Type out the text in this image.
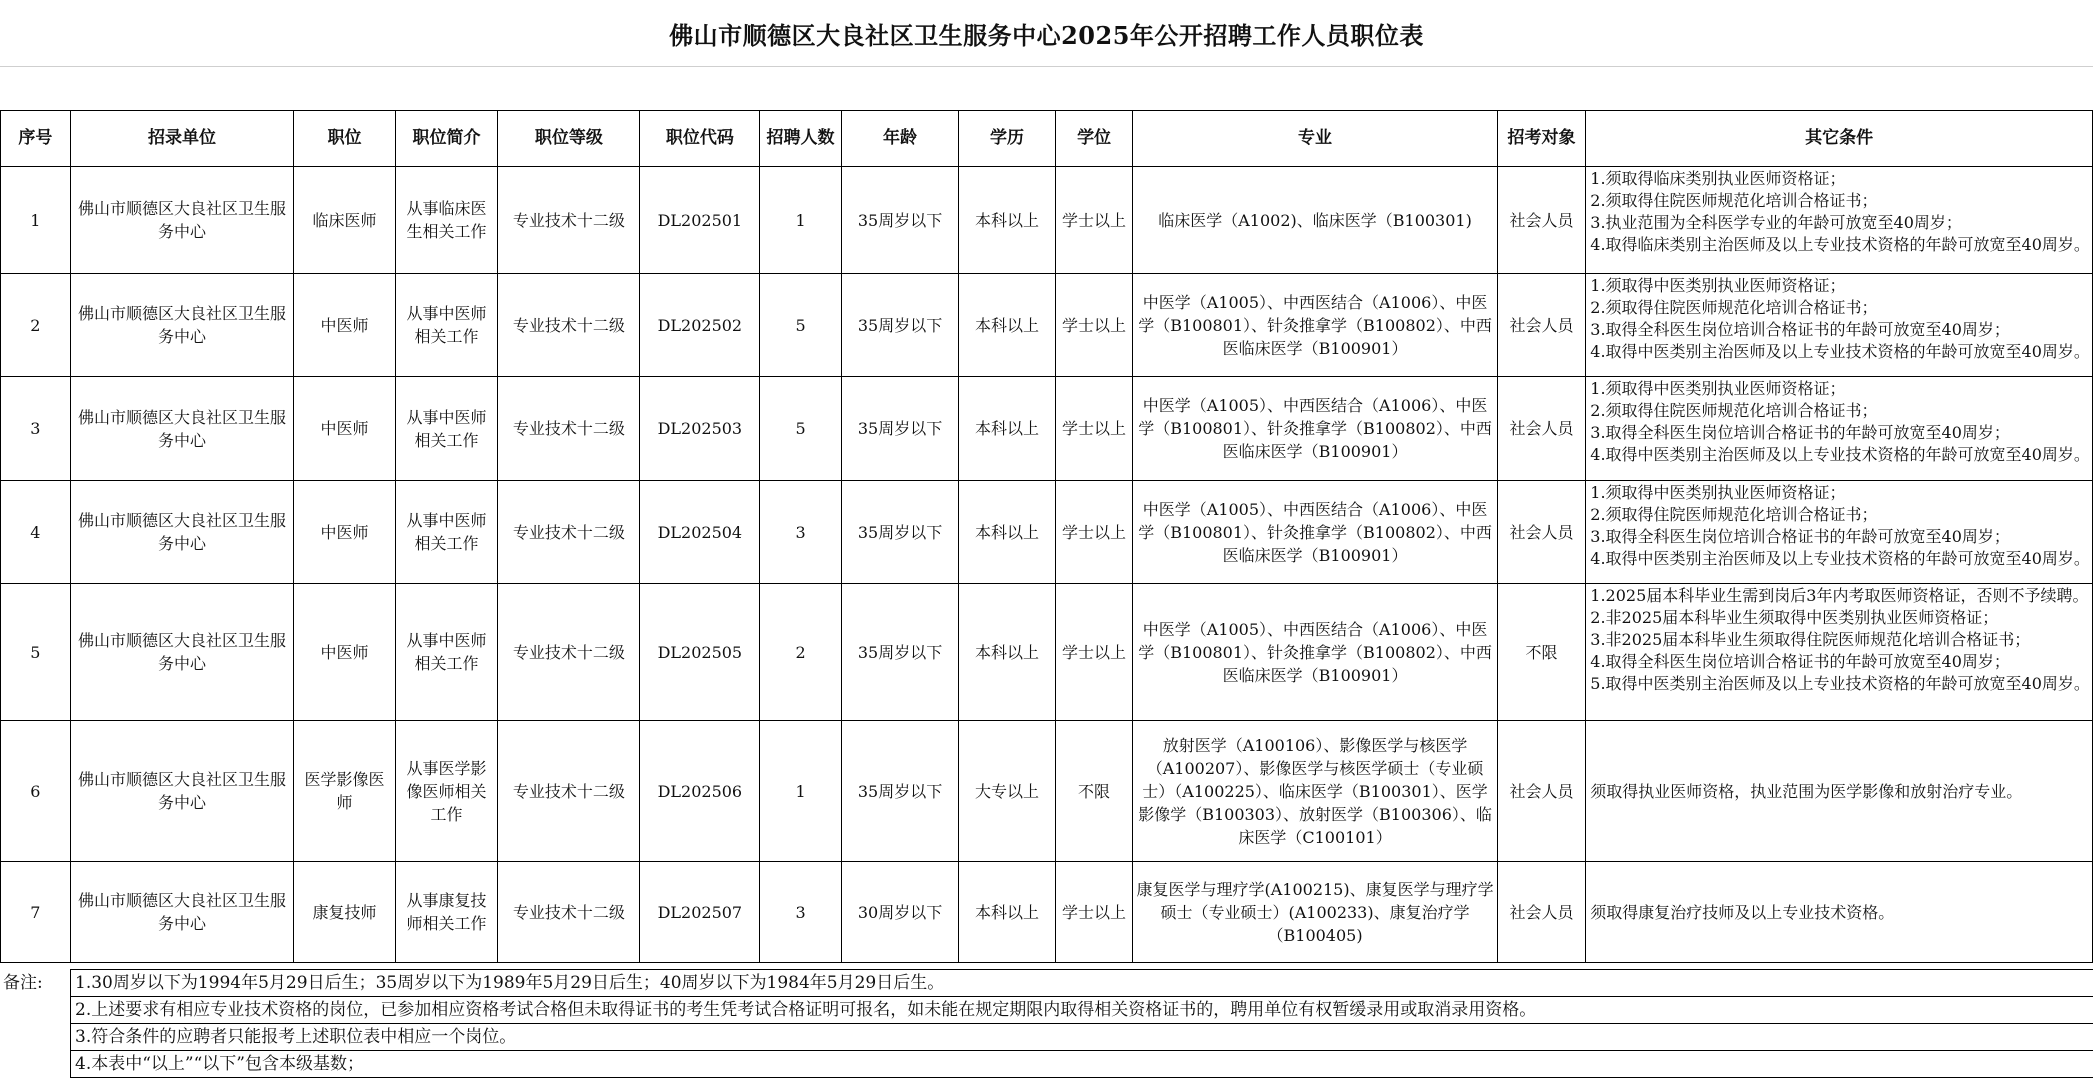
佛山市顺德区大良社区卫生服务中心2025年公开招聘工作人员职位表
序号	招录单位	职位	职位简介	职位等级	职位代码	招聘人数	年龄	学历	学位	专业	招考对象	其它条件
1	佛山市顺德区大良社区卫生服务中心	临床医师	从事临床医生相关工作	专业技术十二级	DL202501	1	35周岁以下	本科以上	学士以上	临床医学（A1002)、临床医学（B100301)	社会人员	1.须取得临床类别执业医师资格证；
2.须取得住院医师规范化培训合格证书；
3.执业范围为全科医学专业的年龄可放宽至40周岁；
4.取得临床类别主治医师及以上专业技术资格的年龄可放宽至40周岁。

2	佛山市顺德区大良社区卫生服务中心	中医师	从事中医师相关工作	专业技术十二级	DL202502	5	35周岁以下	本科以上	学士以上	中医学（A1005）、中西医结合（A1006）、中医学（B100801）、针灸推拿学（B100802）、中西医临床医学（B100901）	社会人员	1.须取得中医类别执业医师资格证；
2.须取得住院医师规范化培训合格证书；
3.取得全科医生岗位培训合格证书的年龄可放宽至40周岁；
4.取得中医类别主治医师及以上专业技术资格的年龄可放宽至40周岁。

3	佛山市顺德区大良社区卫生服务中心	中医师	从事中医师相关工作	专业技术十二级	DL202503	5	35周岁以下	本科以上	学士以上	中医学（A1005）、中西医结合（A1006）、中医学（B100801）、针灸推拿学（B100802）、中西医临床医学（B100901）	社会人员	1.须取得中医类别执业医师资格证；
2.须取得住院医师规范化培训合格证书；
3.取得全科医生岗位培训合格证书的年龄可放宽至40周岁；
4.取得中医类别主治医师及以上专业技术资格的年龄可放宽至40周岁。

4	佛山市顺德区大良社区卫生服务中心	中医师	从事中医师相关工作	专业技术十二级	DL202504	3	35周岁以下	本科以上	学士以上	中医学（A1005）、中西医结合（A1006）、中医学（B100801）、针灸推拿学（B100802）、中西医临床医学（B100901）	社会人员	1.须取得中医类别执业医师资格证；
2.须取得住院医师规范化培训合格证书；
3.取得全科医生岗位培训合格证书的年龄可放宽至40周岁；
4.取得中医类别主治医师及以上专业技术资格的年龄可放宽至40周岁。

5	佛山市顺德区大良社区卫生服务中心	中医师	从事中医师相关工作	专业技术十二级	DL202505	2	35周岁以下	本科以上	学士以上	中医学（A1005）、中西医结合（A1006）、中医学（B100801）、针灸推拿学（B100802）、中西医临床医学（B100901）	不限	1.2025届本科毕业生需到岗后3年内考取医师资格证，否则不予续聘。
2.非2025届本科毕业生须取得中医类别执业医师资格证；
3.非2025届本科毕业生须取得住院医师规范化培训合格证书；
4.取得全科医生岗位培训合格证书的年龄可放宽至40周岁；
5.取得中医类别主治医师及以上专业技术资格的年龄可放宽至40周岁。

6	佛山市顺德区大良社区卫生服务中心	医学影像医师	从事医学影像医师相关工作	专业技术十二级	DL202506	1	35周岁以下	大专以上	不限	放射医学（A100106）、影像医学与核医学（A100207）、影像医学与核医学硕士（专业硕士）（A100225）、临床医学（B100301）、医学影像学（B100303）、放射医学（B100306）、临床医学（C100101）	社会人员	须取得执业医师资格，执业范围为医学影像和放射治疗专业。

7	佛山市顺德区大良社区卫生服务中心	康复技师	从事康复技师相关工作	专业技术十二级	DL202507	3	30周岁以下	本科以上	学士以上	康复医学与理疗学(A100215)、康复医学与理疗学硕士（专业硕士）(A100233)、康复治疗学（B100405)	社会人员	须取得康复治疗技师及以上专业技术资格。
备注:	1.30周岁以下为1994年5月29日后生；35周岁以下为1989年5月29日后生；40周岁以下为1984年5月29日后生。
2.上述要求有相应专业技术资格的岗位，已参加相应资格考试合格但未取得证书的考生凭考试合格证明可报名，如未能在规定期限内取得相关资格证书的，聘用单位有权暂缓录用或取消录用资格。
3.符合条件的应聘者只能报考上述职位表中相应一个岗位。
4.本表中“以上”“以下”包含本级基数；
